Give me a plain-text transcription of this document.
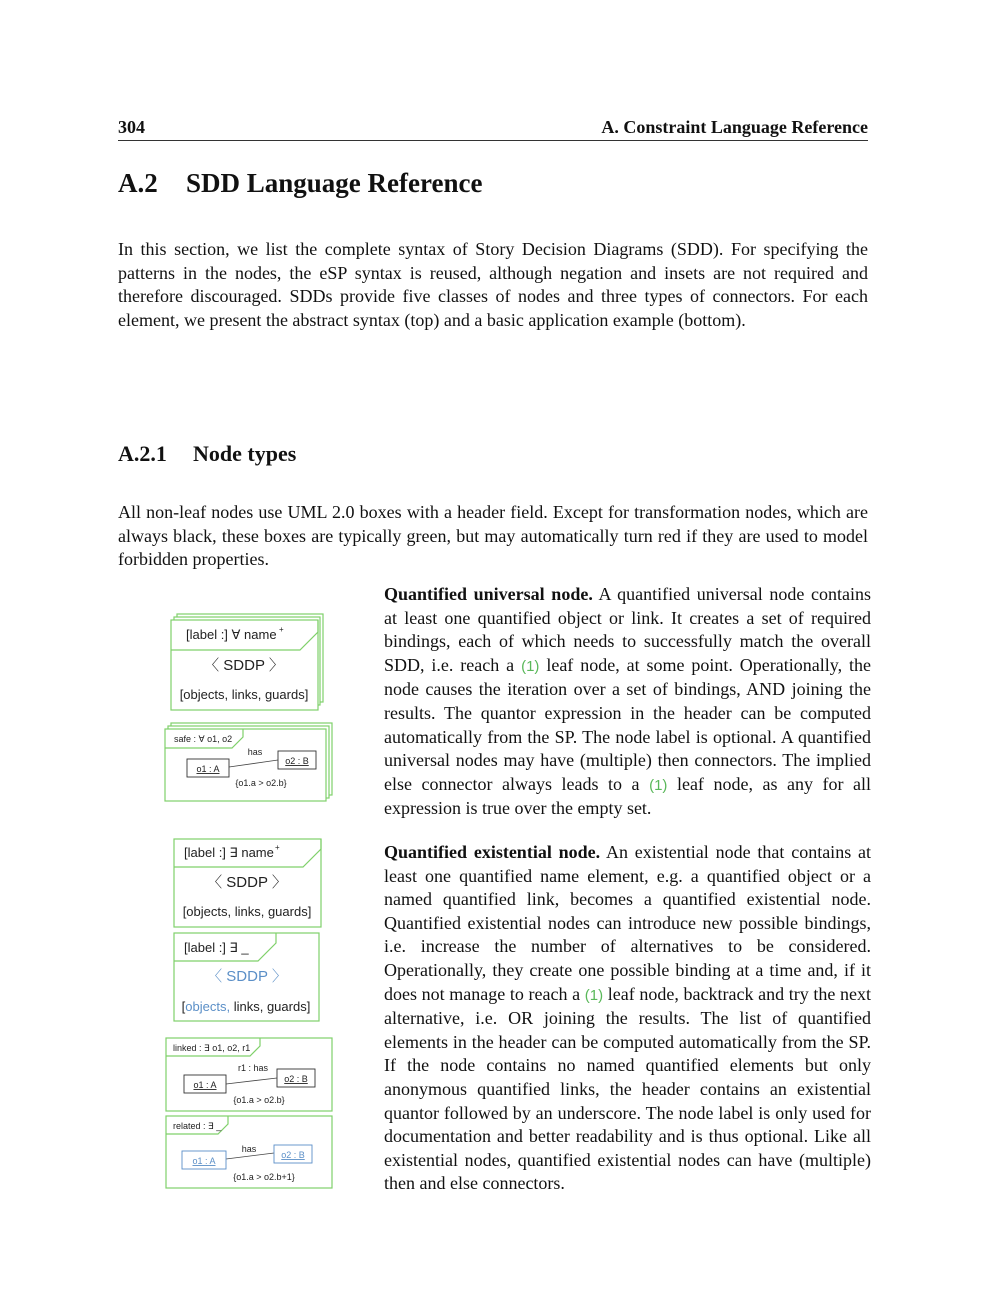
304	A. Constraint Language Reference
A.2 SDD Language Reference
In this section, we list the complete syntax of Story Decision Diagrams (SDD). For specifying the patterns in the nodes, the eSP syntax is reused, although negation and insets are not required and therefore discouraged. SDDs provide five classes of nodes and three types of connectors. For each element, we present the abstract syntax (top) and a basic application example (bottom).
A.2.1 Node types
All non-leaf nodes use UML 2.0 boxes with a header field. Except for transformation nodes, which are always black, these boxes are typically green, but may automatically turn red if they are used to model forbidden properties.
Quantified universal node. A quantified universal node contains at least one quantified object or link. It creates a set of required bindings, each of which needs to successfully match the overall SDD, i.e. reach a (1) leaf node, at some point. Operationally, the node causes the iteration over a set of bindings, AND joining the results. The quantor expression in the header can be computed automatically from the SP. The node label is optional. A quantified universal nodes may have (multiple) then connectors. The implied else connector always leads to a (1) leaf node, as any for all expression is true over the empty set.
Quantified existential node. An existential node that contains at least one quantified name element, e.g. a quantified object or a named quantified link, becomes a quantified existential node. Quantified existential nodes can introduce new possible bindings, i.e. increase the number of alternatives to be considered. Operationally, they create one possible binding at a time and, if it does not manage to reach a (1) leaf node, backtrack and try the next alternative, i.e. OR joining the results. The list of quantified elements in the header can be computed automatically from the SP. If the node contains no named quantified elements but only anonymous quantified links, the header contains an existential quantor followed by an underscore. The node label is only used for documentation and better readability and is thus optional. Like all existential nodes, quantified existential nodes can have (multiple) then and else connectors.
[label :] ∀ name +
〈 SDDP 〉
[objects, links, guards]
safe : ∀ o1, o2
has
o1 : A
o2 : B
{o1.a > o2.b}
[label :] ∃ name +
〈 SDDP 〉
[objects, links, guards]
[label :] ∃ _
〈 SDDP 〉
[objects, links, guards]
linked : ∃ o1, o2, r1
r1 : has
o1 : A
o2 : B
{o1.a > o2.b}
related : ∃ _
has
o1 : A
o2 : B
{o1.a > o2.b+1}
